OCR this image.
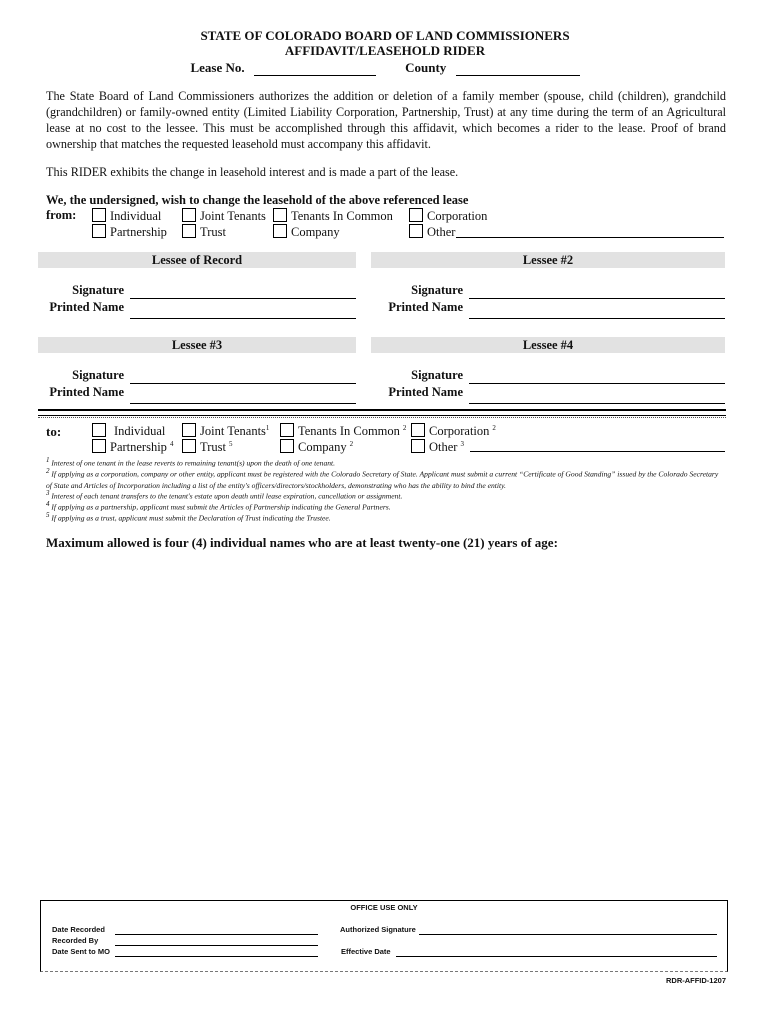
STATE OF COLORADO BOARD OF LAND COMMISSIONERS
AFFIDAVIT/LEASEHOLD RIDER
Lease No.	County
The State Board of Land Commissioners authorizes the addition or deletion of a family member (spouse, child (children), grandchild (grandchildren) or family-owned entity (Limited Liability Corporation, Partnership, Trust) at any time during the term of an Agricultural lease at no cost to the lessee. This must be accomplished through this affidavit, which becomes a rider to the lease. Proof of brand ownership that matches the requested leasehold must accompany this affidavit.
This RIDER exhibits the change in leasehold interest and is made a part of the lease.
We, the undersigned, wish to change the leasehold of the above referenced lease
from:	Individual	Joint Tenants	Tenants In Common	Corporation
Partnership	Trust	Company	Other
Lessee of Record	Lessee #2
Signature
Printed Name
Signature
Printed Name
Lessee #3	Lessee #4
Signature
Printed Name
Signature
Printed Name
to:	Individual	Joint Tenants$^1$	Tenants In Common $^2$	Corporation $^2$
Partnership $^4$	Trust $^5$	Company $^2$	Other $^3$
1 Interest of one tenant in the lease reverts to remaining tenant(s) upon the death of one tenant.
2 If applying as a corporation, company or other entity, applicant must be registered with the Colorado Secretary of State. Applicant must submit a current “Certificate of Good Standing” issued by the Colorado Secretary of State and Articles of Incorporation including a list of the entity's officers/directors/stockholders, demonstrating who has the ability to bind the entity.
3 Interest of each tenant transfers to the tenant's estate upon death until lease expiration, cancellation or assignment.
4 If applying as a partnership, applicant must submit the Articles of Partnership indicating the General Partners.
5 If applying as a trust, applicant must submit the Declaration of Trust indicating the Trustee.
Maximum allowed is four (4) individual names who are at least twenty-one (21) years of age:
OFFICE USE ONLY
Date Recorded
Recorded By
Date Sent to MO
Authorized Signature
Effective Date
RDR-AFFID-1207
